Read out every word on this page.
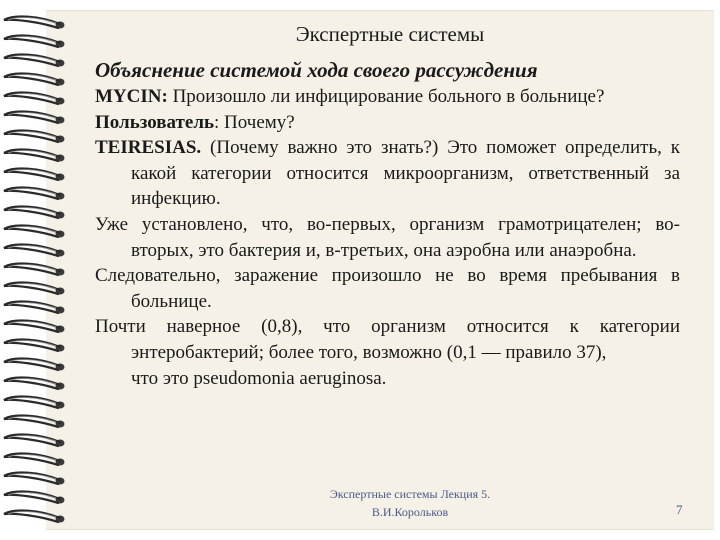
Экспертные системы
Объяснение системой хода своего рассуждения

MYCIN: Произошло ли инфицирование больного в больнице?

Пользователь: Почему?

TEIRESIAS. (Почему важно это знать?) Это поможет определить, к какой категории относится микроорганизм, ответственный за инфекцию.

Уже установлено, что, во-первых, организм грамотрицателен; во-вторых, это бактерия и, в-третьих, она аэробна или анаэробна.

Следовательно, заражение произошло не во время пребывания в больнице.

Почти наверное (0,8), что организм относится к категории энтеробактерий; более того, возможно (0,1 — правило 37),

что это pseudomonia aeruginosa.

Экспертные системы Лекция 5.
В.И.Корольков	7
